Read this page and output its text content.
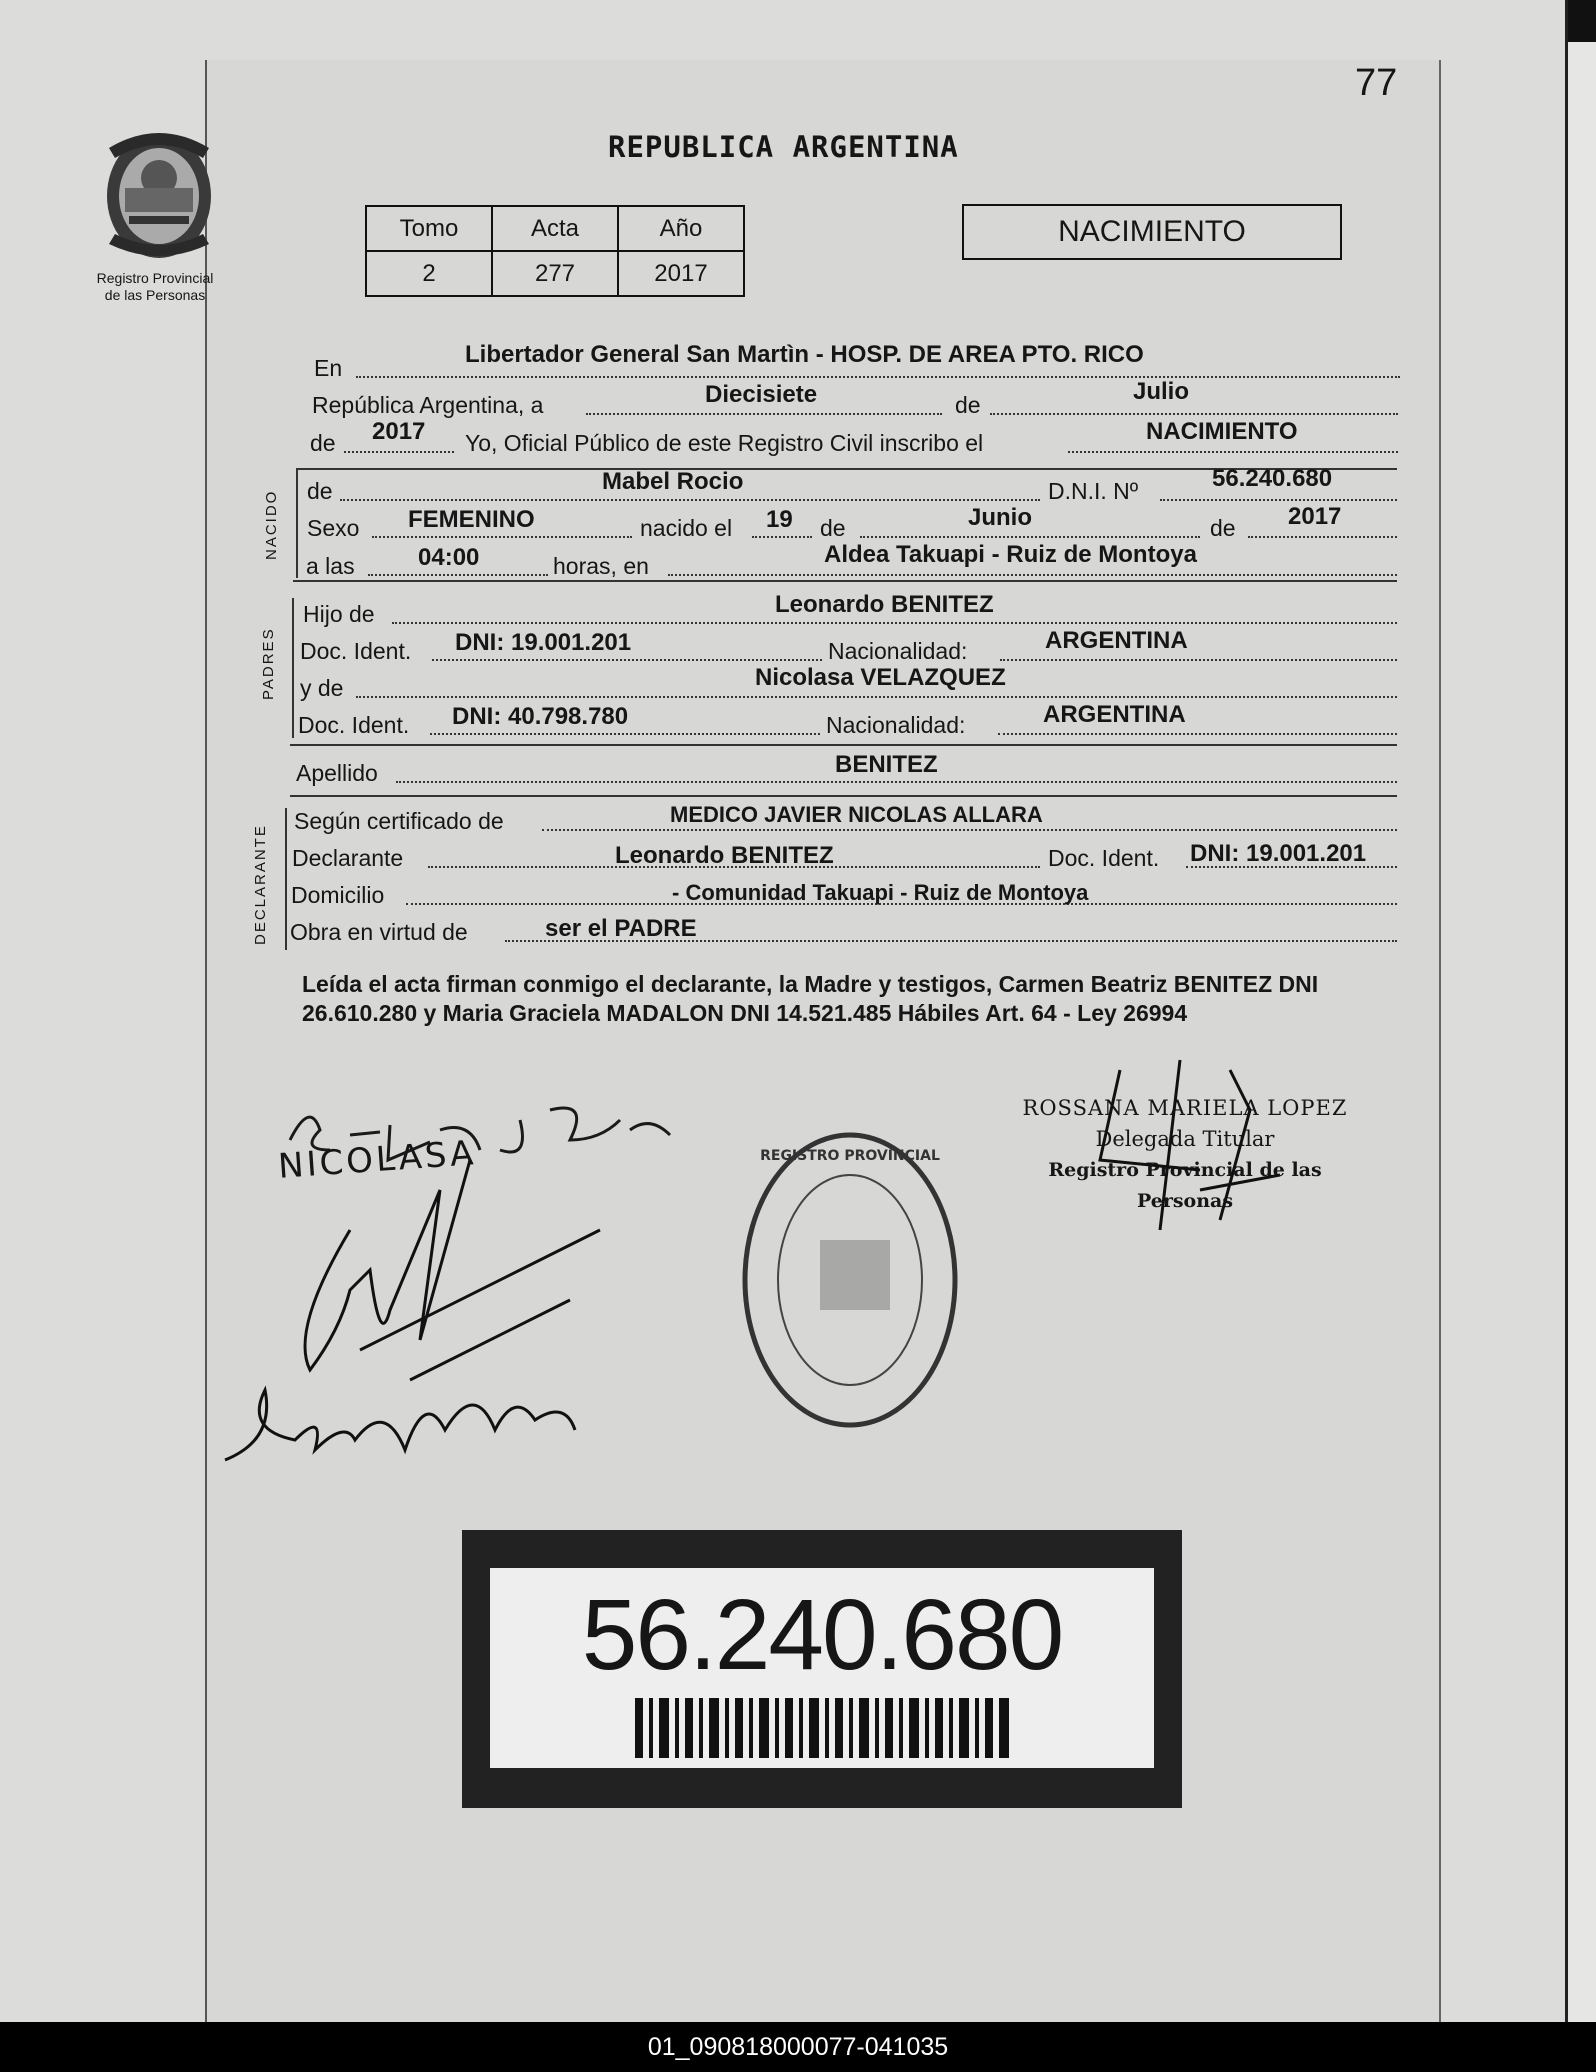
77
Registro Provincial
de las Personas
REPUBLICA ARGENTINA
Tomo	Acta	Año
2	277	2017
NACIMIENTO
En	Libertador General San Martìn - HOSP. DE AREA PTO. RICO
República Argentina, a	Diecisiete	de	Julio
de 2017 Yo, Oficial Público de este Registro Civil inscribo el	NACIMIENTO
NACIDO de	Mabel Rocio	D.N.I. Nº	56.240.680
Sexo FEMENINO	nacido el 19 de	Junio	de 2017
a las	04:00	horas, en	Aldea Takuapi - Ruiz de Montoya
PADRES
Hijo de	Leonardo BENITEZ
Doc. Ident. DNI: 19.001.201	Nacionalidad:	ARGENTINA
y de	Nicolasa VELAZQUEZ
Doc. Ident. DNI: 40.798.780	Nacionalidad:	ARGENTINA
Apellido	BENITEZ
DECLARANTE
Según certificado de	MEDICO JAVIER NICOLAS ALLARA
Declarante	Leonardo BENITEZ	Doc. Ident. DNI: 19.001.201
Domicilio	- Comunidad Takuapi - Ruiz de Montoya
Obra en virtud de	ser el PADRE
Leída el acta firman conmigo el declarante, la Madre y testigos, Carmen Beatriz BENITEZ DNI 26.610.280 y Maria Graciela MADALON DNI 14.521.485 Hábiles Art. 64 - Ley 26994
ROSSANA MARIELA LOPEZ
Delegada Titular
Registro Provincial de las Personas
NICOLASA	REGISTRO PROVINCIAL
56.240.680
01_090818000077-041035
